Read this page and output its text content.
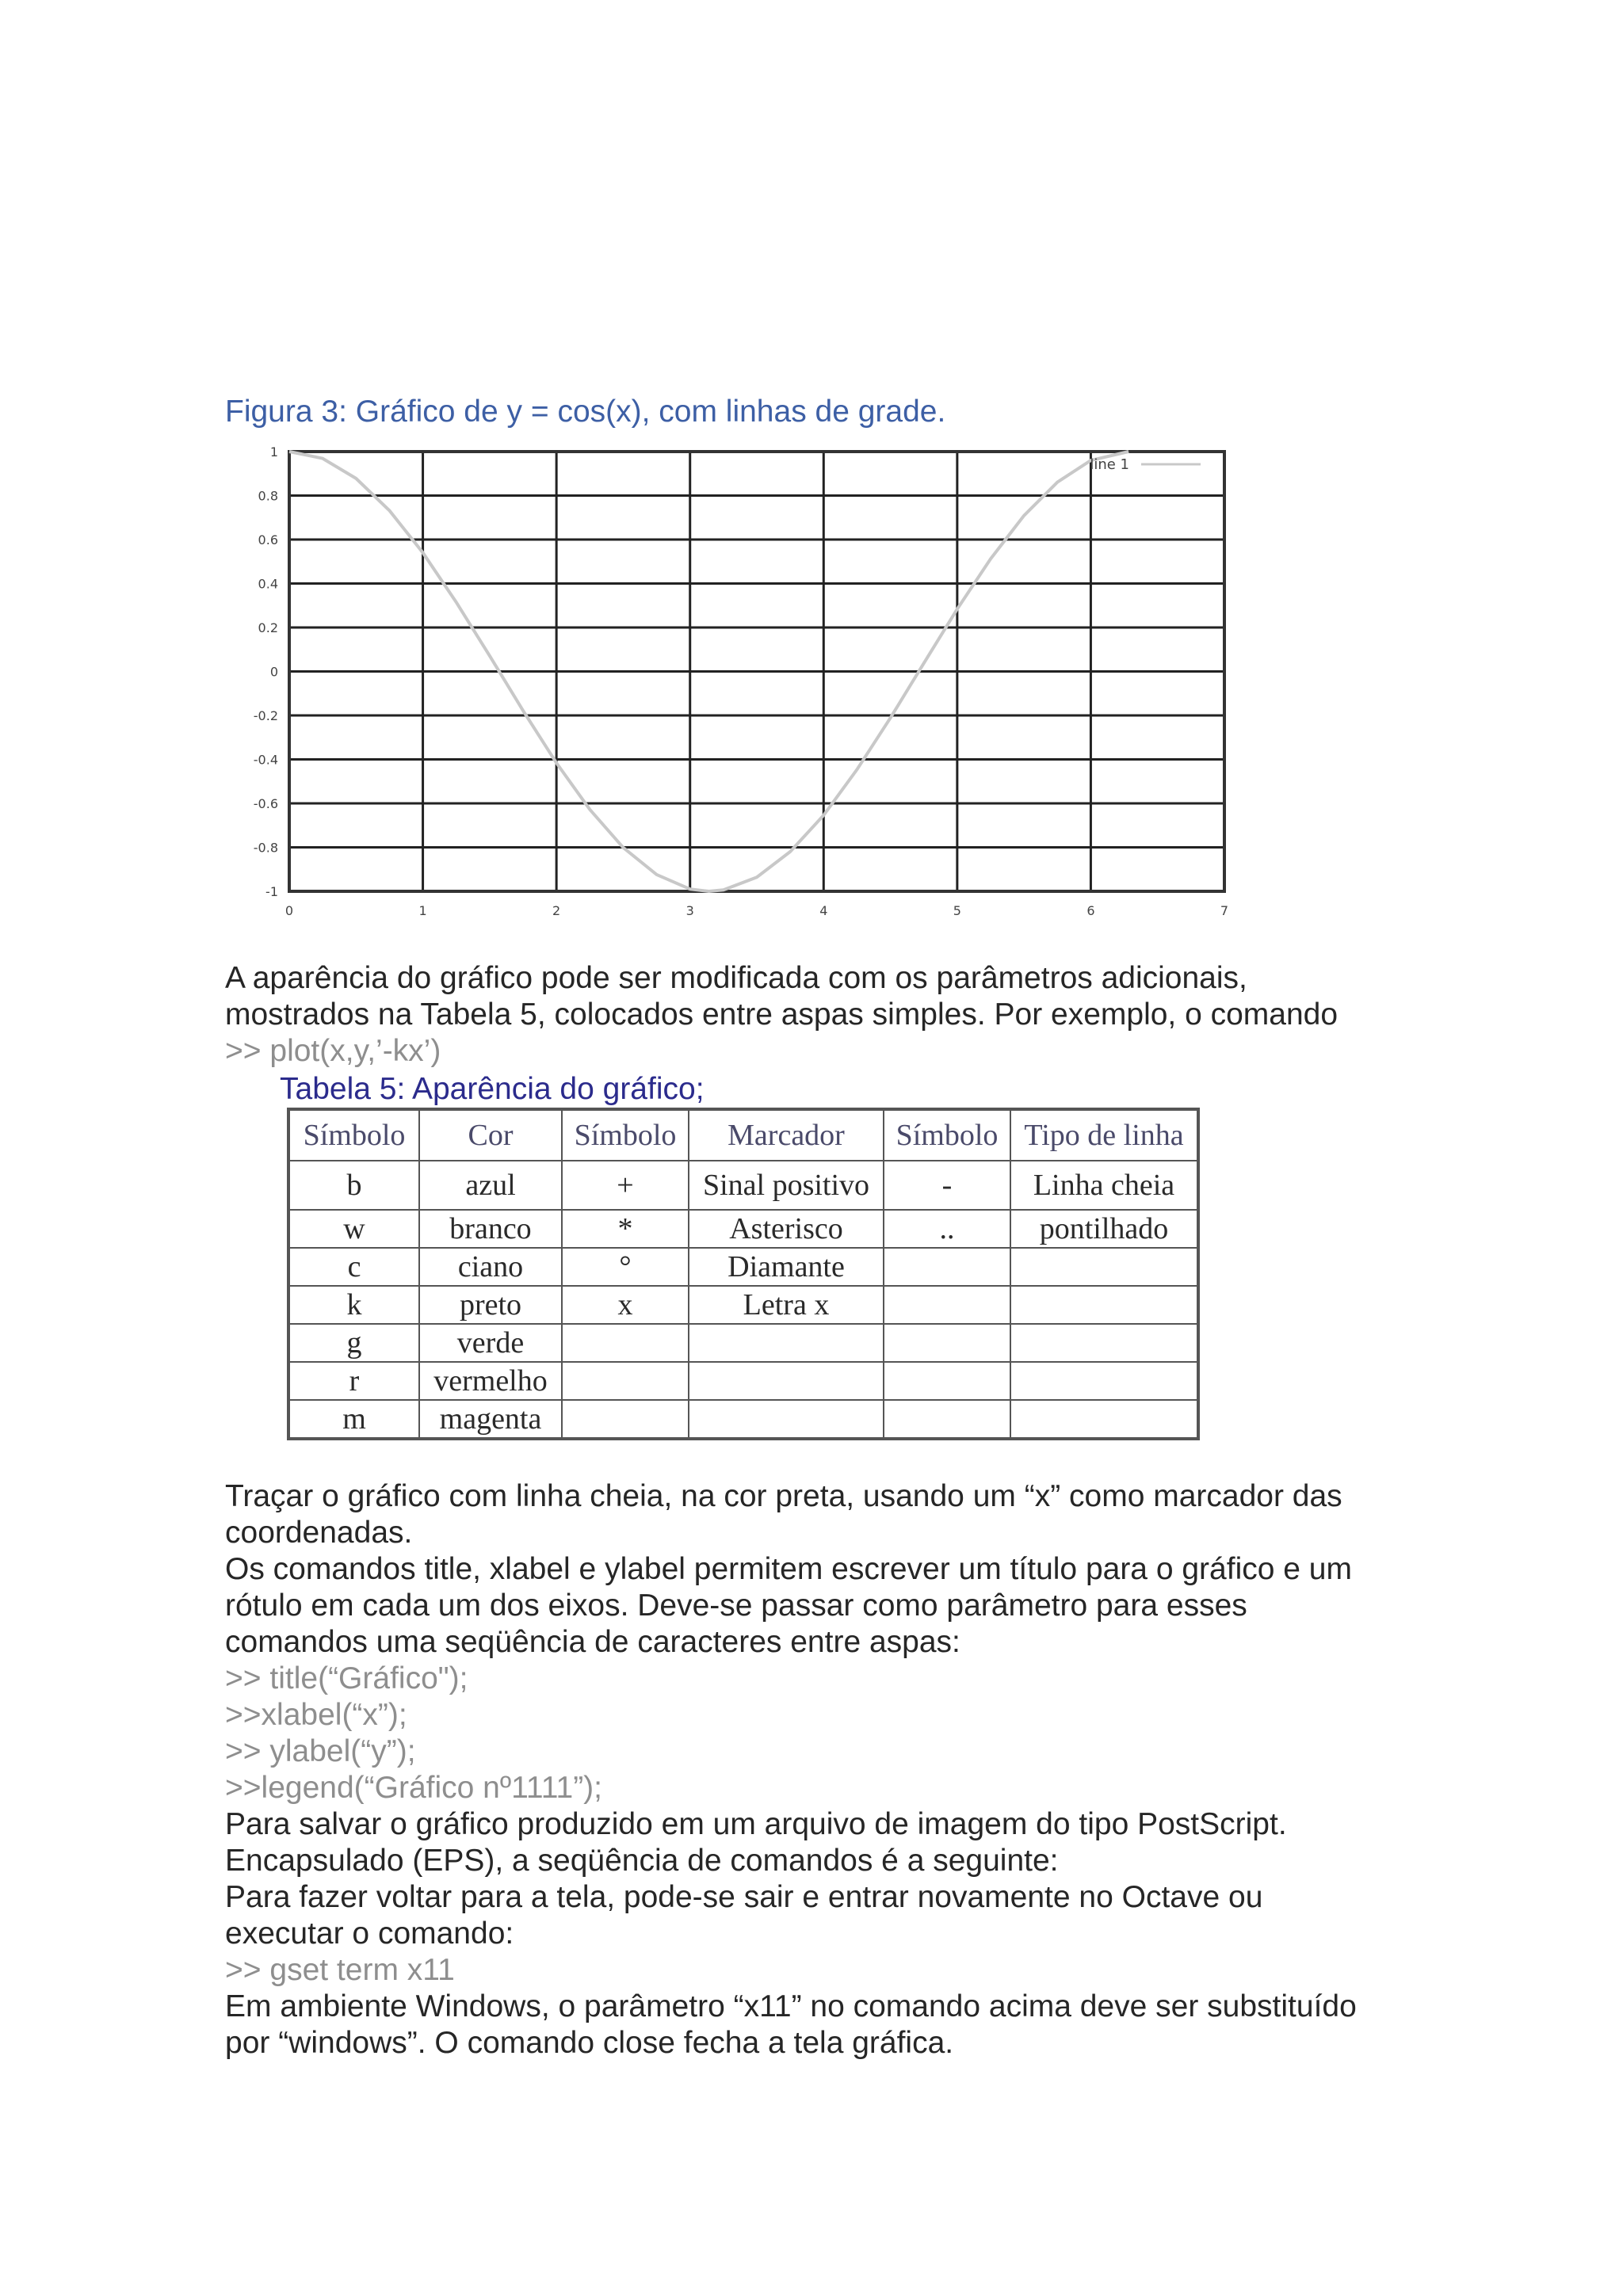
Figura 3: Gráfico de y = cos(x), com linhas de grade.
0	1	2	3	4	5	6	7
1
0.8
0.6
0.4
0.2
0
-0.2
-0.4
-0.6
-0.8
-1
line 1
A aparência do gráfico pode ser modificada com os parâmetros adicionais,
mostrados na Tabela 5, colocados entre aspas simples. Por exemplo, o comando
>> plot(x,y,’-kx’)
Tabela 5: Aparência do gráfico;
Símbolo	Cor	Símbolo	Marcador	Símbolo	Tipo de linha
b	azul	+	Sinal positivo	-	Linha cheia
w	branco	*	Asterisco	..	pontilhado
c	ciano	°	Diamante		
k	preto	x	Letra x		
g	verde				
r	vermelho				
m	magenta				
Traçar o gráfico com linha cheia, na cor preta, usando um “x” como marcador das
coordenadas.
Os comandos title, xlabel e ylabel permitem escrever um título para o gráfico e um
rótulo em cada um dos eixos. Deve-se passar como parâmetro para esses
comandos uma seqüência de caracteres entre aspas:
>> title(“Gráfico");
>>xlabel(“x”);
>> ylabel(“y”);
>>legend(“Gráfico nº1111”);
Para salvar o gráfico produzido em um arquivo de imagem do tipo PostScript.
Encapsulado (EPS), a seqüência de comandos é a seguinte:
Para fazer voltar para a tela, pode-se sair e entrar novamente no Octave ou
executar o comando:
>> gset term x11
Em ambiente Windows, o parâmetro “x11” no comando acima deve ser substituído
por “windows”. O comando close fecha a tela gráfica.
